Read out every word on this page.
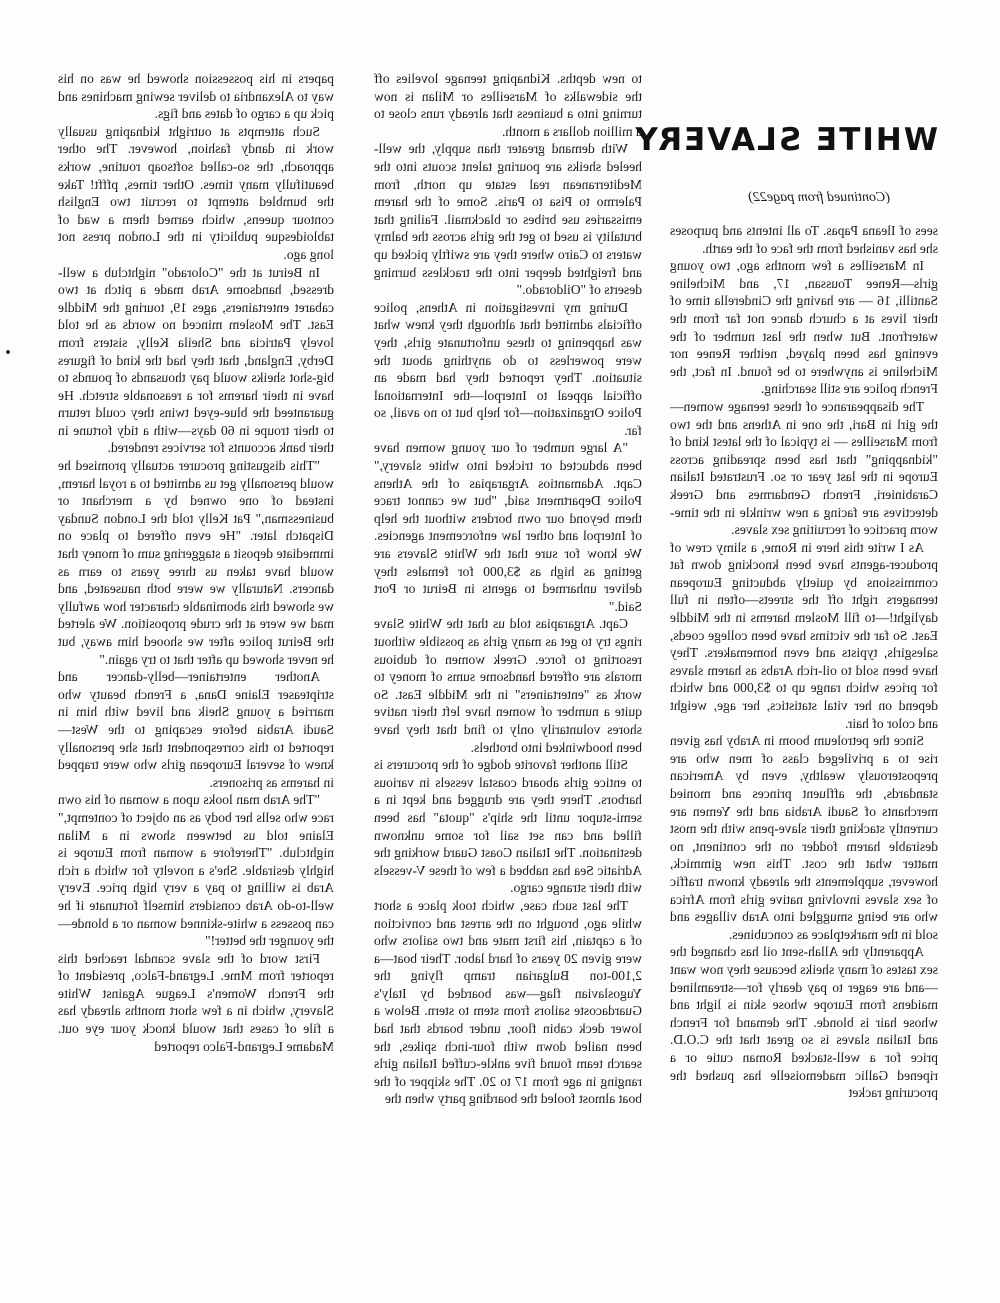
WHITE SLAVERY
(Continued from page22)

sees of Ileana Papas. To all intents and purposes she has vanished from the face of the earth.

In Marseilles a few months ago, two young girls—Renee Toussan, 17, and Micheline Santilli, 16 — are having the Cinderella time of their lives at a church dance not far from the waterfront. But when the last number of the evening has been played, neither Renee nor Micheline is anywhere to be found. In fact, the French police are still searching.

The disappearance of these teenage women—the girl in Bari, the one in Athens and the two from Marseilles — is typical of the latest kind of "kidnapping" that has been spreading across Europe in the last year or so. Frustrated Italian Carabinieri, French Gendarmes and Greek detectives are facing a new wrinkle in the time-worn practice of recruiting sex slaves.

As I write this here in Rome, a slimy crew of producer-agents have been knocking down fat commissions by quietly abducting European teenagers right off the streets—often in full daylight!—to fill Moslem harems in the Middle East. So far the victims have been college coeds, salesgirls, typists and even homemakers. They have been sold to oil-rich Arabs as harem slaves for prices which range up to $3,000 and which depend on her vital statistics, her age, weight and color of hair.

Since the petroleum boom in Araby has given rise to a privileged class of men who are preposterously wealthy, even by American standards, the affluent princes and monied merchants of Saudi Arabia and the Yemen are currently stacking their slave-pens with the most desirable harem fodder on the continent, no matter what the cost. This new gimmick, however, supplements the already known traffic of sex slaves involving native girls from Africa who are being smuggled into Arab villages and sold in the marketplace as concubines.

Apparently the Allah-sent oil has changed the sex tastes of many sheiks because they now want—and are eager to pay dearly for—streamlined maidens from Europe whose skin is light and whose hair is blonde. The demand for French and Italian slaves is so great that the C.O.D. price for a well-stacked Roman cutie or a ripened Gallic mademoiselle has pushed the procuring racket

to new depths. Kidnaping teenage lovelies off the sidewalks of Marseilles or Milan is now turning into a business that already runs close to a million dollars a month.

With demand greater than supply, the well-heeled sheiks are pouring talent scouts into the Mediterranean real estate up north, from Palermo to Pisa to Paris. Some of the harem emissaries use bribes or blackmail. Failing that brutality is used to get the girls across the balmy waters to Cairo where they are swiftly picked up and freighted deeper into the trackless burning deserts of "Oildorado."

During my investigation in Athens, police officials admitted that although they knew what was happening to these unfortunate girls, they were powerless to do anything about the situation. They reported they had made an official appeal to Interpol—the International Police Organization—for help but to no avail, so far.

"A large number of our young women have been abducted or tricked into white slavery," Capt. Adamantios Argarapias of the Athens Police Department said, "but we cannot trace them beyond our own borders without the help of Interpol and other law enforcement agencies. We know for sure that the White Slavers are getting as high as $3,000 for females they deliver unharmed to agents in Beirut or Port Said."

Capt. Argarapias told us that the White Slave rings try to get as many girls as possible without resorting to force. Greek women of dubious morals are offered handsome sums of money to work as "entertainers" in the Middle East. So quite a number of women have left their native shores voluntarily only to find that they have been hoodwinked into brothels.

Still another favorite dodge of the procurers is to entice girls aboard coastal vessels in various harbors. There they are drugged and kept in a semi-stupor until the ship's "quota" has been filled and can set sail for some unknown destination. The Italian Coast Guard working the Adriatic Sea has nabbed a few of these V-vessels with their strange cargo.

The last such case, which took place a short while ago, brought on the arrest and conviction of a captain, his first mate and two sailors who were given 20 years of hard labor. Their boat—a 2,100-ton Bulgarian tramp flying the Yugoslavian flag—was boarded by Italy's Guardacoste sailors from stem to stern. Below a lower deck cabin floor, under boards that had been nailed down with four-inch spikes, the search team found five ankle-cuffed Italian girls ranging in age from 17 to 20. The skipper of the boat almost fooled the boarding party when the

papers in his possession showed he was on his way to Alexandria to deliver sewing machines and pick up a cargo of dates and figs.

Such attempts at outright kidnaping usually work in dandy fashion, however. The other approach, the so-called softsoap routine, works beautifully many times. Other times, pffft! Take the bumbled attempt to recruit two English contour queens, which earned them a wad of tabloidesque publicity in the London press not long ago.

In Beirut at the "Colorado" nightclub a well-dressed, handsome Arab made a pitch at two cabaret entertainers, ages 19, touring the Middle East. The Moslem minced no words as he told lovely Patricia and Sheila Kelly, sisters from Derby, England, that they had the kind of figures big-shot sheiks would pay thousands of pounds to have in their harems for a reasonable stretch. He guaranteed the blue-eyed twins they could return to their troupe in 60 days—with a tidy fortune in their bank accounts for services rendered.

"This disgusting procurer actually promised he would personally get us admitted to a royal harem, instead of one owned by a merchant or businessman," Pat Kelly told the London Sunday Dispatch later. "He even offered to place on immediate deposit a staggering sum of money that would have taken us three years to earn as dancers. Naturally we were both nauseated, and we showed this abominable character how awfully mad we were at the crude proposition. We alerted the Beirut police after we shooed him away, but he never showed up after that to try again."

Another entertainer—belly-dancer and stripteaser Elaine Dana, a French beauty who married a young Sheik and lived with him in Saudi Arabia before escaping to the West—reported to this correspondent that she personally knew of several European girls who were trapped in harems as prisoners.

"The Arab man looks upon a woman of his own race who sells her body as an object of contempt," Elaine told us between shows in a Milan nightclub. "Therefore a woman from Europe is highly desirable. She's a novelty for which a rich Arab is willing to pay a very high price. Every well-to-do Arab considers himself fortunate if he can possess a white-skinned woman or a blonde—the younger the better!"

First word of the slave scandal reached this reporter from Mme. Legrand-Falco, president of the French Women's League Against White Slavery, which in a few short months already has a file of cases that would knock your eye out. Madame Legrand-Falco reported
